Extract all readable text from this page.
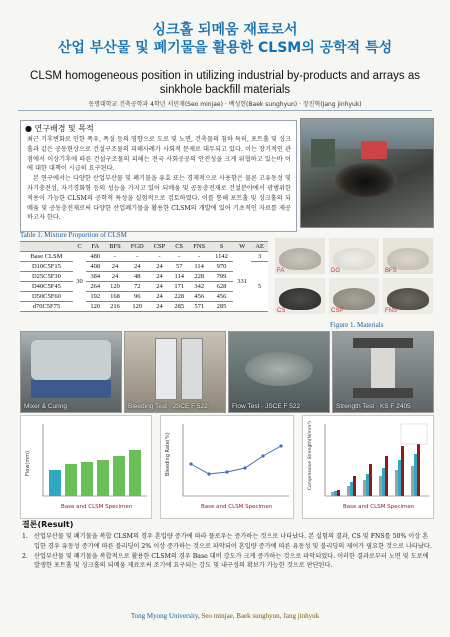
싱크홀 되메움 재료로서
산업 부산물 및 폐기물을 활용한 CLSM의 공학적 특성
CLSM homogeneous position in utilizing industrial by-products and arrays as
sinkhole backfill materials
동명대학교 건축공학과 4학년 서민재(Seo minjae) · 백성헌(Baek sunghyun) · 장진혁(Jang jinhyuk)
● 연구배경 및 목적
최근 기후변화로 인한 폭우, 폭설 등의 영향으로 도로 및 노면, 건축물의 침하 특히, 포트홀 및 싱크홀과 같은 공동현상으로 건설구조물의 피해사례가 사회적 문제로 대두되고 있다. 이는 장기적인 관점에서 이상기후에 따른 건설구조물의 피해는 전국 사회공공의 안전성을 크게 위협하고 있는바 이에 대한 대책이 시급히 요구된다.
본 연구에서는 다양한 산업부산물 및 폐기물을 유효 또는 경제적으로 사용함은 물론 고유동성 및 자기충전성, 자기경화형 등의 성능을 가지고 있어 되메움 및 공동충전재로 건설분야에서 광범위한 적용이 가능한 CLSM의 공학적 특성을 실험적으로 검토하였다. 이를 통해 포트홀 및 싱크홀의 되메움 및 공동충전재로써 다양한 산업폐기물을 활용한 CLSM의 개발에 있어 기초적인 자료를 제공하고자 한다.
Table 1. Mixture Proportion of CLSM
	C	FA	BFS	FGD	CSP	CS	FNS	S	W	AE
Base CLSM	30	480	-	-	-	-	-	1142	331	3
D10C5F15		408	24	24	24	57	114	970		5
D25C5F30		384	24	48	24	114	228	799		
D40C5F45		264	120	72	24	171	342	628		
D50C5F60		192	168	96	24	228	456	456		
d70C5F75		120	216	120	24	285	571	285		
FA	DG	BFS
CS	CSP	FNS
Figure 1. Materials
Mixer & Curing	Bleeding Test · JSCE F 522	Flow Test · JSCE F 522	Strength Test · KS F 2405
Flow(mm)
Base and CLSM Specimen
Bleeding Rate(%)
Base and CLSM Specimen
Compressive Strength(N/mm²)
Base and CLSM Specimen
결론(Result)
1. 산업부산물 및 폐기물을 복합 CLSM의 경우 혼입량 증가에 따라 플로우는 증가하는 것으로 나타났다. 본 실험의 결과, CS 및 FNS를 50% 이상 혼입한 경우 유동성 증가에 따른 블리딩이 2% 이상 증가하는 것으로 파악되어 혼입량 증가에 따른 유동성 및 블리딩의 제어가 필요한 것으로 나타났다.
2. 산업부산물 및 폐기물을 복합적으로 활용한 CLSM의 경우 Base 대비 강도가 크게 증가하는 것으로 파악되었다. 이러한 결과로부터 노면 및 도로에 발생한 포트홀 및 싱크홀의 되메움 재료로써 조기에 요구되는 강도 및 내구성의 확보가 가능한 것으로 판단된다.
Tong Myong University, Seo minjae, Baek sunghyun, Jang jinhyuk
